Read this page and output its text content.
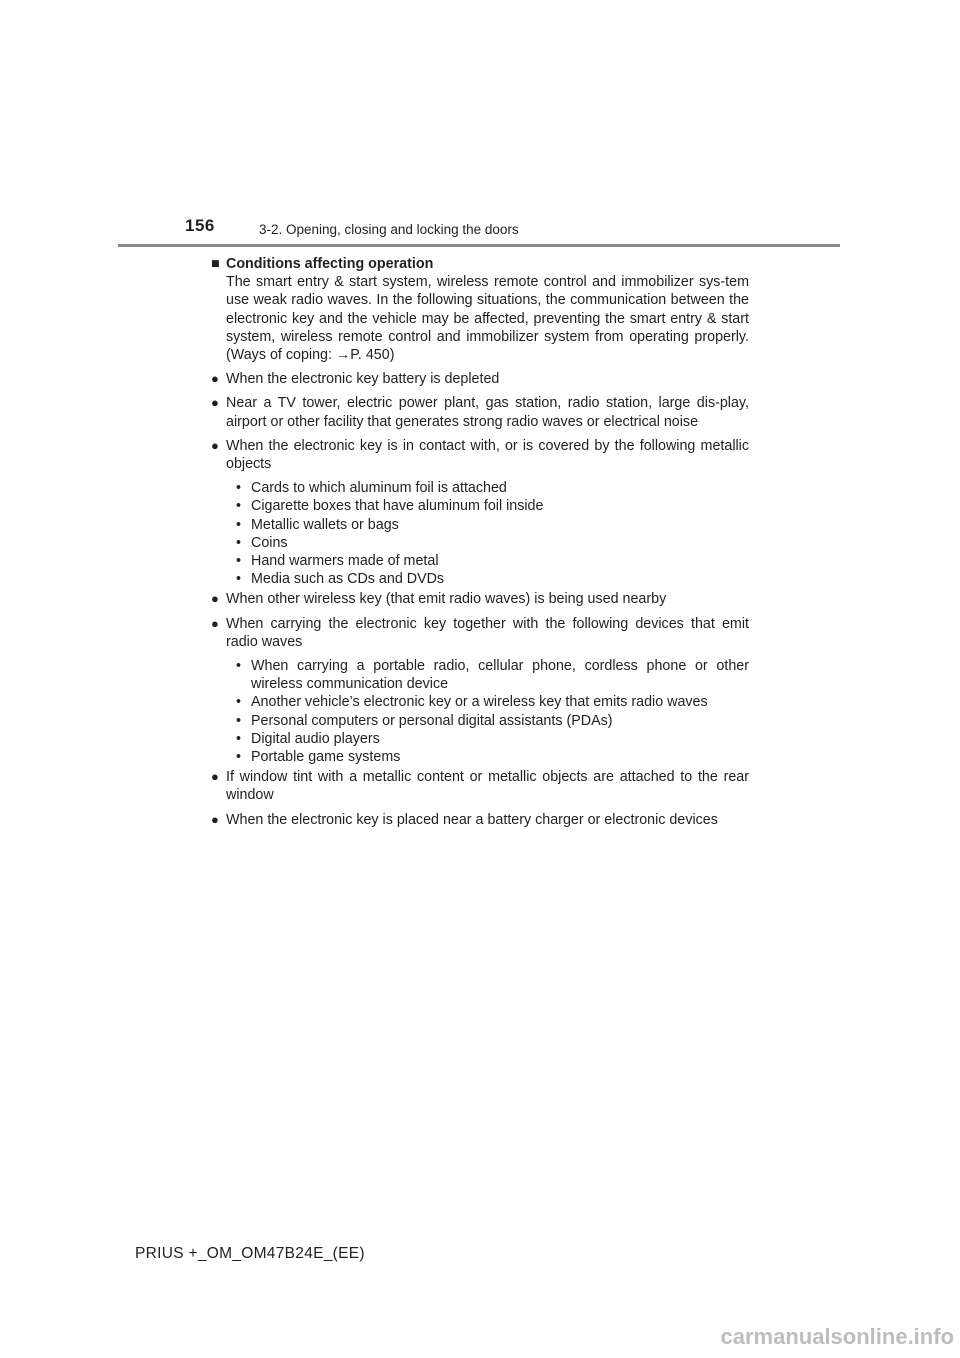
156	3-2. Opening, closing and locking the doors
■ Conditions affecting operation
The smart entry & start system, wireless remote control and immobilizer sys-tem use weak radio waves. In the following situations, the communication between the electronic key and the vehicle may be affected, preventing the smart entry & start system, wireless remote control and immobilizer system from operating properly. (Ways of coping: →P. 450)
● When the electronic key battery is depleted
● Near a TV tower, electric power plant, gas station, radio station, large dis-play, airport or other facility that generates strong radio waves or electrical noise
● When the electronic key is in contact with, or is covered by the following metallic objects
• Cards to which aluminum foil is attached
• Cigarette boxes that have aluminum foil inside
• Metallic wallets or bags
• Coins
• Hand warmers made of metal
• Media such as CDs and DVDs
● When other wireless key (that emit radio waves) is being used nearby
● When carrying the electronic key together with the following devices that emit radio waves
• When carrying a portable radio, cellular phone, cordless phone or other wireless communication device
• Another vehicle’s electronic key or a wireless key that emits radio waves
• Personal computers or personal digital assistants (PDAs)
• Digital audio players
• Portable game systems
● If window tint with a metallic content or metallic objects are attached to the rear window
● When the electronic key is placed near a battery charger or electronic devices
PRIUS +_OM_OM47B24E_(EE)
carmanualsonline.info
